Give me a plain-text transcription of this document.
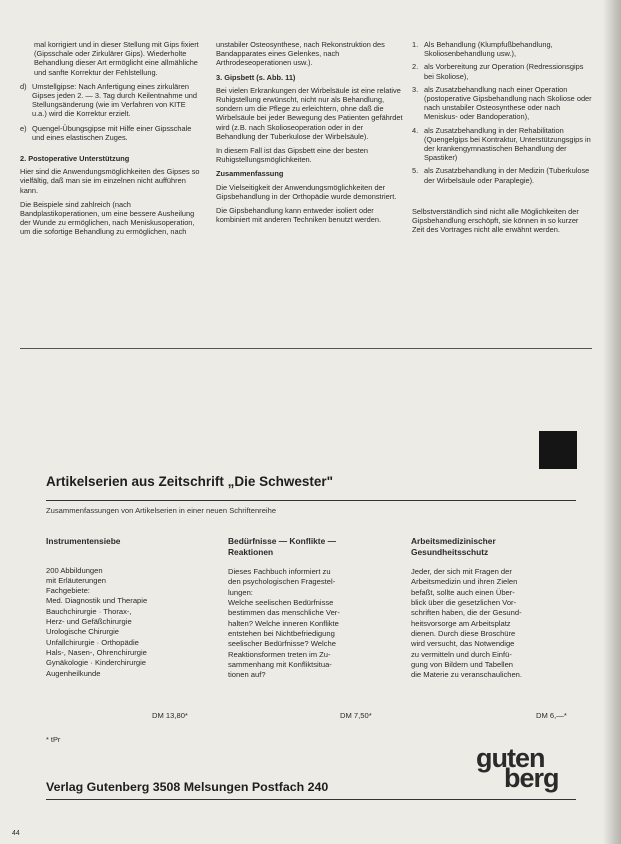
mal korrigiert und in dieser Stellung mit Gips fixiert (Gipsschale oder Zirkulärer Gips). Wiederholte Behandlung dieser Art ermöglicht eine allmähliche und sanfte Korrektur der Fehlstellung.

d) Umstellgipse: Nach Anfertigung eines zirkulären Gipses jeden 2. — 3. Tag durch Keilentnahme und Stellungsänderung (wie im Verfahren von KITE u.a.) wird die Korrektur erzielt.
e) Quengel-Übungsgipse mit Hilfe einer Gipsschale und eines elastischen Zuges.

2. Postoperative Unterstützung

Hier sind die Anwendungsmöglichkeiten des Gipses so vielfältig, daß man sie im einzelnen nicht aufführen kann.

Die Beispiele sind zahlreich (nach Bandplastikoperationen, um eine bessere Ausheilung der Wunde zu ermöglichen, nach Meniskusoperation, um die sofortige Behandlung zu ermöglichen, nach

unstabiler Osteosynthese, nach Rekonstruktion des Bandapparates eines Gelenkes, nach Arthrodeseoperationen usw.).

3. Gipsbett (s. Abb. 11)

Bei vielen Erkrankungen der Wirbelsäule ist eine relative Ruhigstellung erwünscht, nicht nur als Behandlung, sondern um die Pflege zu erleichtern, ohne daß die Wirbelsäule bei jeder Bewegung des Patienten gefährdet wird (z.B. nach Skolioseoperation oder in der Behandlung der Tuberkulose der Wirbelsäule).

In diesem Fall ist das Gipsbett eine der besten Ruhigstellungsmöglichkeiten.

Zusammenfassung

Die Vielseitigkeit der Anwendungsmöglichkeiten der Gipsbehandlung in der Orthopädie wurde demonstriert.

Die Gipsbehandlung kann entweder isoliert oder kombiniert mit anderen Techniken benutzt werden.

1. Als Behandlung (Klumpfußbehandlung, Skoliosenbehandlung usw.),
2. als Vorbereitung zur Operation (Redressionsgips bei Skoliose),
3. als Zusatzbehandlung nach einer Operation (postoperative Gipsbehandlung nach Skoliose oder nach unstabiler Osteosynthese oder nach Meniskus- oder Bandoperation),
4. als Zusatzbehandlung in der Rehabilitation (Quengelgips bei Kontraktur, Unterstützungsgips in der krankengymnastischen Behandlung der Spastiker)
5. als Zusatzbehandlung in der Medizin (Tuberkulose der Wirbelsäule oder Paraplegie).

Selbstverständlich sind nicht alle Möglichkeiten der Gipsbehandlung erschöpft, sie können in so kurzer Zeit des Vortrages nicht alle erwähnt werden.

Artikelserien aus Zeitschrift „Die Schwester"
Zusammenfassungen von Artikelserien in einer neuen Schriftenreihe
Instrumentensiebe
200 Abbildungen
mit Erläuterungen
Fachgebiete:
Med. Diagnostik und Therapie
Bauchchirurgie · Thorax-,
Herz- und Gefäßchirurgie
Urologische Chirurgie
Unfallchirurgie · Orthopädie
Hals-, Nasen-, Ohrenchirurgie
Gynäkologie · Kinderchirurgie
Augenheilkunde
DM 13,80*
Bedürfnisse — Konflikte — Reaktionen
Dieses Fachbuch informiert zu
den psychologischen Fragestel-
lungen:
Welche seelischen Bedürfnisse
bestimmen das menschliche Ver-
halten? Welche inneren Konflikte
entstehen bei Nichtbefriedigung
seelischer Bedürfnisse? Welche
Reaktionsformen treten im Zu-
sammenhang mit Konfliktsitua-
tionen auf?
DM 7,50*
Arbeitsmedizinischer Gesundheitsschutz
Jeder, der sich mit Fragen der
Arbeitsmedizin und ihren Zielen
befaßt, sollte auch einen Über-
blick über die gesetzlichen Vor-
schriften haben, die der Gesund-
heitsvorsorge am Arbeitsplatz
dienen. Durch diese Broschüre
wird versucht, das Notwendige
zu vermitteln und durch Einfü-
gung von Bildern und Tabellen
die Materie zu veranschaulichen.
DM 6,—*
* tPr
guten
berg
Verlag Gutenberg 3508 Melsungen Postfach 240
44
